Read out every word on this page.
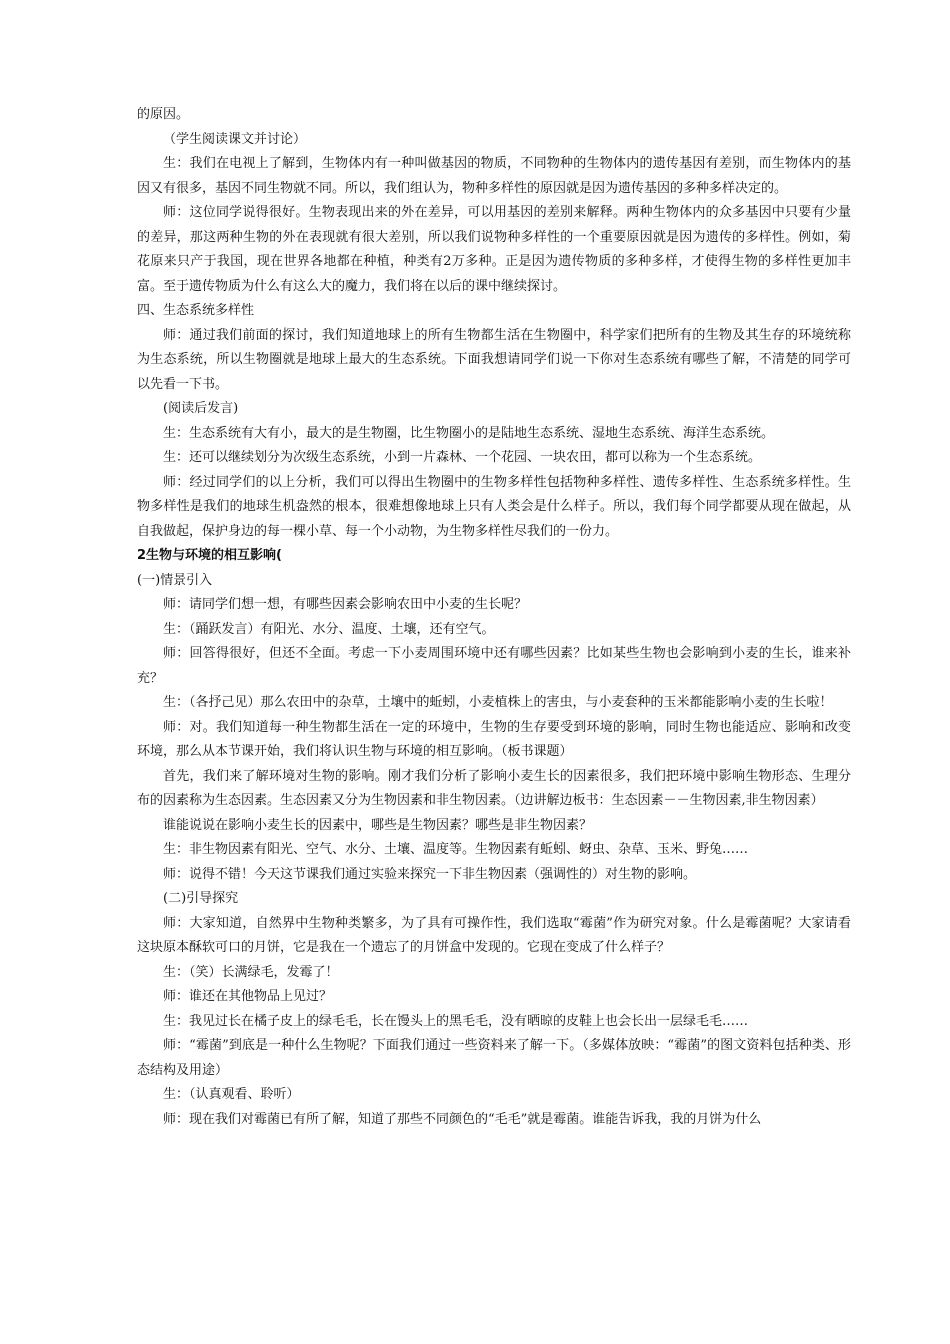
的原因。

（学生阅读课文并讨论）

生：我们在电视上了解到，生物体内有一种叫做基因的物质，不同物种的生物体内的遗传基因有差别，而生物体内的基因又有很多，基因不同生物就不同。所以，我们组认为，物种多样性的原因就是因为遗传基因的多种多样决定的。

师：这位同学说得很好。生物表现出来的外在差异，可以用基因的差别来解释。两种生物体内的众多基因中只要有少量的差异，那这两种生物的外在表现就有很大差别，所以我们说物种多样性的一个重要原因就是因为遗传的多样性。例如，菊花原来只产于我国，现在世界各地都在种植，种类有2万多种。正是因为遗传物质的多种多样，才使得生物的多样性更加丰富。至于遗传物质为什么有这么大的魔力，我们将在以后的课中继续探讨。

四、生态系统多样性

师：通过我们前面的探讨，我们知道地球上的所有生物都生活在生物圈中，科学家们把所有的生物及其生存的环境统称为生态系统，所以生物圈就是地球上最大的生态系统。下面我想请同学们说一下你对生态系统有哪些了解，不清楚的同学可以先看一下书。

(阅读后发言)

生：生态系统有大有小，最大的是生物圈，比生物圈小的是陆地生态系统、湿地生态系统、海洋生态系统。

生：还可以继续划分为次级生态系统，小到一片森林、一个花园、一块农田，都可以称为一个生态系统。

师：经过同学们的以上分析，我们可以得出生物圈中的生物多样性包括物种多样性、遗传多样性、生态系统多样性。生物多样性是我们的地球生机盎然的根本，很难想像地球上只有人类会是什么样子。所以，我们每个同学都要从现在做起，从自我做起，保护身边的每一棵小草、每一个小动物，为生物多样性尽我们的一份力。

2生物与环境的相互影响(

(一)情景引入

师：请同学们想一想，有哪些因素会影响农田中小麦的生长呢？

生：（踊跃发言）有阳光、水分、温度、土壤，还有空气。

师：回答得很好，但还不全面。考虑一下小麦周围环境中还有哪些因素？比如某些生物也会影响到小麦的生长，谁来补充？

生：（各抒己见）那么农田中的杂草，土壤中的蚯蚓，小麦植株上的害虫，与小麦套种的玉米都能影响小麦的生长啦！

师：对。我们知道每一种生物都生活在一定的环境中，生物的生存要受到环境的影响，同时生物也能适应、影响和改变环境，那么从本节课开始，我们将认识生物与环境的相互影响。（板书课题）

首先，我们来了解环境对生物的影响。刚才我们分析了影响小麦生长的因素很多，我们把环境中影响生物形态、生理分布的因素称为生态因素。生态因素又分为生物因素和非生物因素。（边讲解边板书：生态因素－－生物因素,非生物因素）

谁能说说在影响小麦生长的因素中，哪些是生物因素？哪些是非生物因素？

生：非生物因素有阳光、空气、水分、土壤、温度等。生物因素有蚯蚓、蚜虫、杂草、玉米、野兔……

师：说得不错！今天这节课我们通过实验来探究一下非生物因素（强调性的）对生物的影响。

(二)引导探究

师：大家知道，自然界中生物种类繁多，为了具有可操作性，我们选取“霉菌”作为研究对象。什么是霉菌呢？大家请看这块原本酥软可口的月饼，它是我在一个遗忘了的月饼盒中发现的。它现在变成了什么样子？

生：（笑）长满绿毛，发霉了！

师：谁还在其他物品上见过？

生：我见过长在橘子皮上的绿毛毛，长在馒头上的黑毛毛，没有晒晾的皮鞋上也会长出一层绿毛毛……

师：“霉菌”到底是一种什么生物呢？下面我们通过一些资料来了解一下。（多媒体放映：“霉菌”的图文资料包括种类、形态结构及用途）

生：（认真观看、聆听）

师：现在我们对霉菌已有所了解，知道了那些不同颜色的“毛毛”就是霉菌。谁能告诉我，我的月饼为什么
